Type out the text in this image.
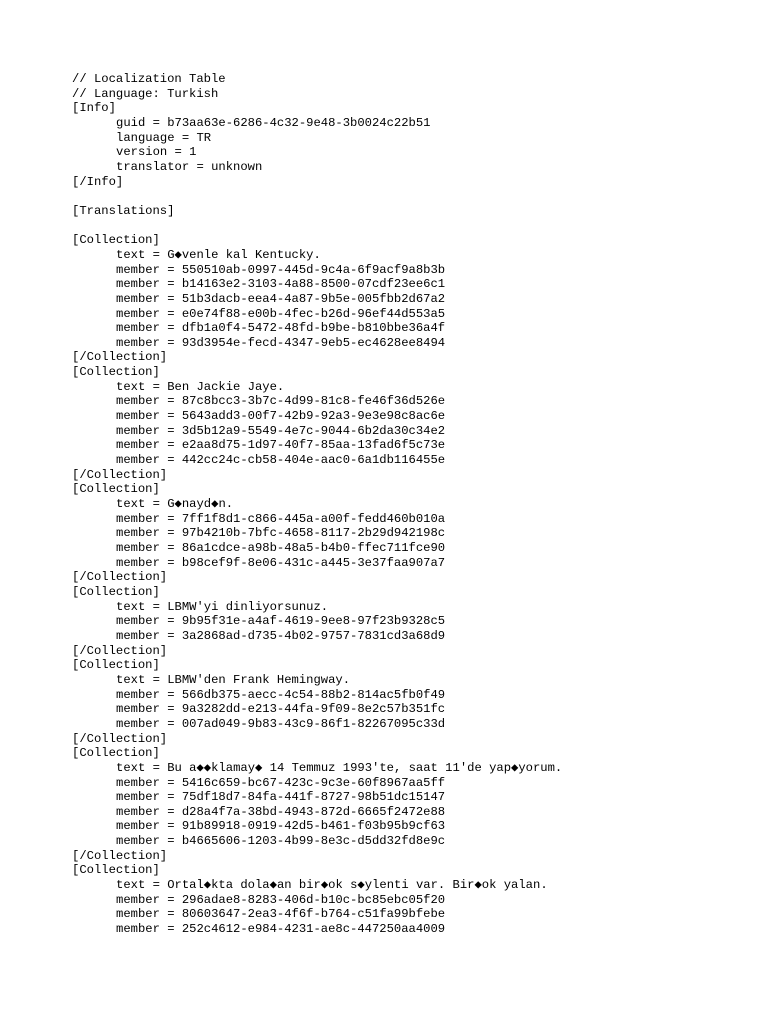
// Localization Table
// Language: Turkish
[Info]
guid = b73aa63e-6286-4c32-9e48-3b0024c22b51
language = TR
version = 1
translator = unknown
[/Info]
[Translations]
[Collection]
text = G◆venle kal Kentucky.
member = 550510ab-0997-445d-9c4a-6f9acf9a8b3b
member = b14163e2-3103-4a88-8500-07cdf23ee6c1
member = 51b3dacb-eea4-4a87-9b5e-005fbb2d67a2
member = e0e74f88-e00b-4fec-b26d-96ef44d553a5
member = dfb1a0f4-5472-48fd-b9be-b810bbe36a4f
member = 93d3954e-fecd-4347-9eb5-ec4628ee8494
[/Collection]
[Collection]
text = Ben Jackie Jaye.
member = 87c8bcc3-3b7c-4d99-81c8-fe46f36d526e
member = 5643add3-00f7-42b9-92a3-9e3e98c8ac6e
member = 3d5b12a9-5549-4e7c-9044-6b2da30c34e2
member = e2aa8d75-1d97-40f7-85aa-13fad6f5c73e
member = 442cc24c-cb58-404e-aac0-6a1db116455e
[/Collection]
[Collection]
text = G◆nayd◆n.
member = 7ff1f8d1-c866-445a-a00f-fedd460b010a
member = 97b4210b-7bfc-4658-8117-2b29d942198c
member = 86a1cdce-a98b-48a5-b4b0-ffec711fce90
member = b98cef9f-8e06-431c-a445-3e37faa907a7
[/Collection]
[Collection]
text = LBMW'yi dinliyorsunuz.
member = 9b95f31e-a4af-4619-9ee8-97f23b9328c5
member = 3a2868ad-d735-4b02-9757-7831cd3a68d9
[/Collection]
[Collection]
text = LBMW'den Frank Hemingway.
member = 566db375-aecc-4c54-88b2-814ac5fb0f49
member = 9a3282dd-e213-44fa-9f09-8e2c57b351fc
member = 007ad049-9b83-43c9-86f1-82267095c33d
[/Collection]
[Collection]
text = Bu a◆◆klamay◆ 14 Temmuz 1993'te, saat 11'de yap◆yorum.
member = 5416c659-bc67-423c-9c3e-60f8967aa5ff
member = 75df18d7-84fa-441f-8727-98b51dc15147
member = d28a4f7a-38bd-4943-872d-6665f2472e88
member = 91b89918-0919-42d5-b461-f03b95b9cf63
member = b4665606-1203-4b99-8e3c-d5dd32fd8e9c
[/Collection]
[Collection]
text = Ortal◆kta dola◆an bir◆ok s◆ylenti var. Bir◆ok yalan.
member = 296adae8-8283-406d-b10c-bc85ebc05f20
member = 80603647-2ea3-4f6f-b764-c51fa99bfebe
member = 252c4612-e984-4231-ae8c-447250aa4009
